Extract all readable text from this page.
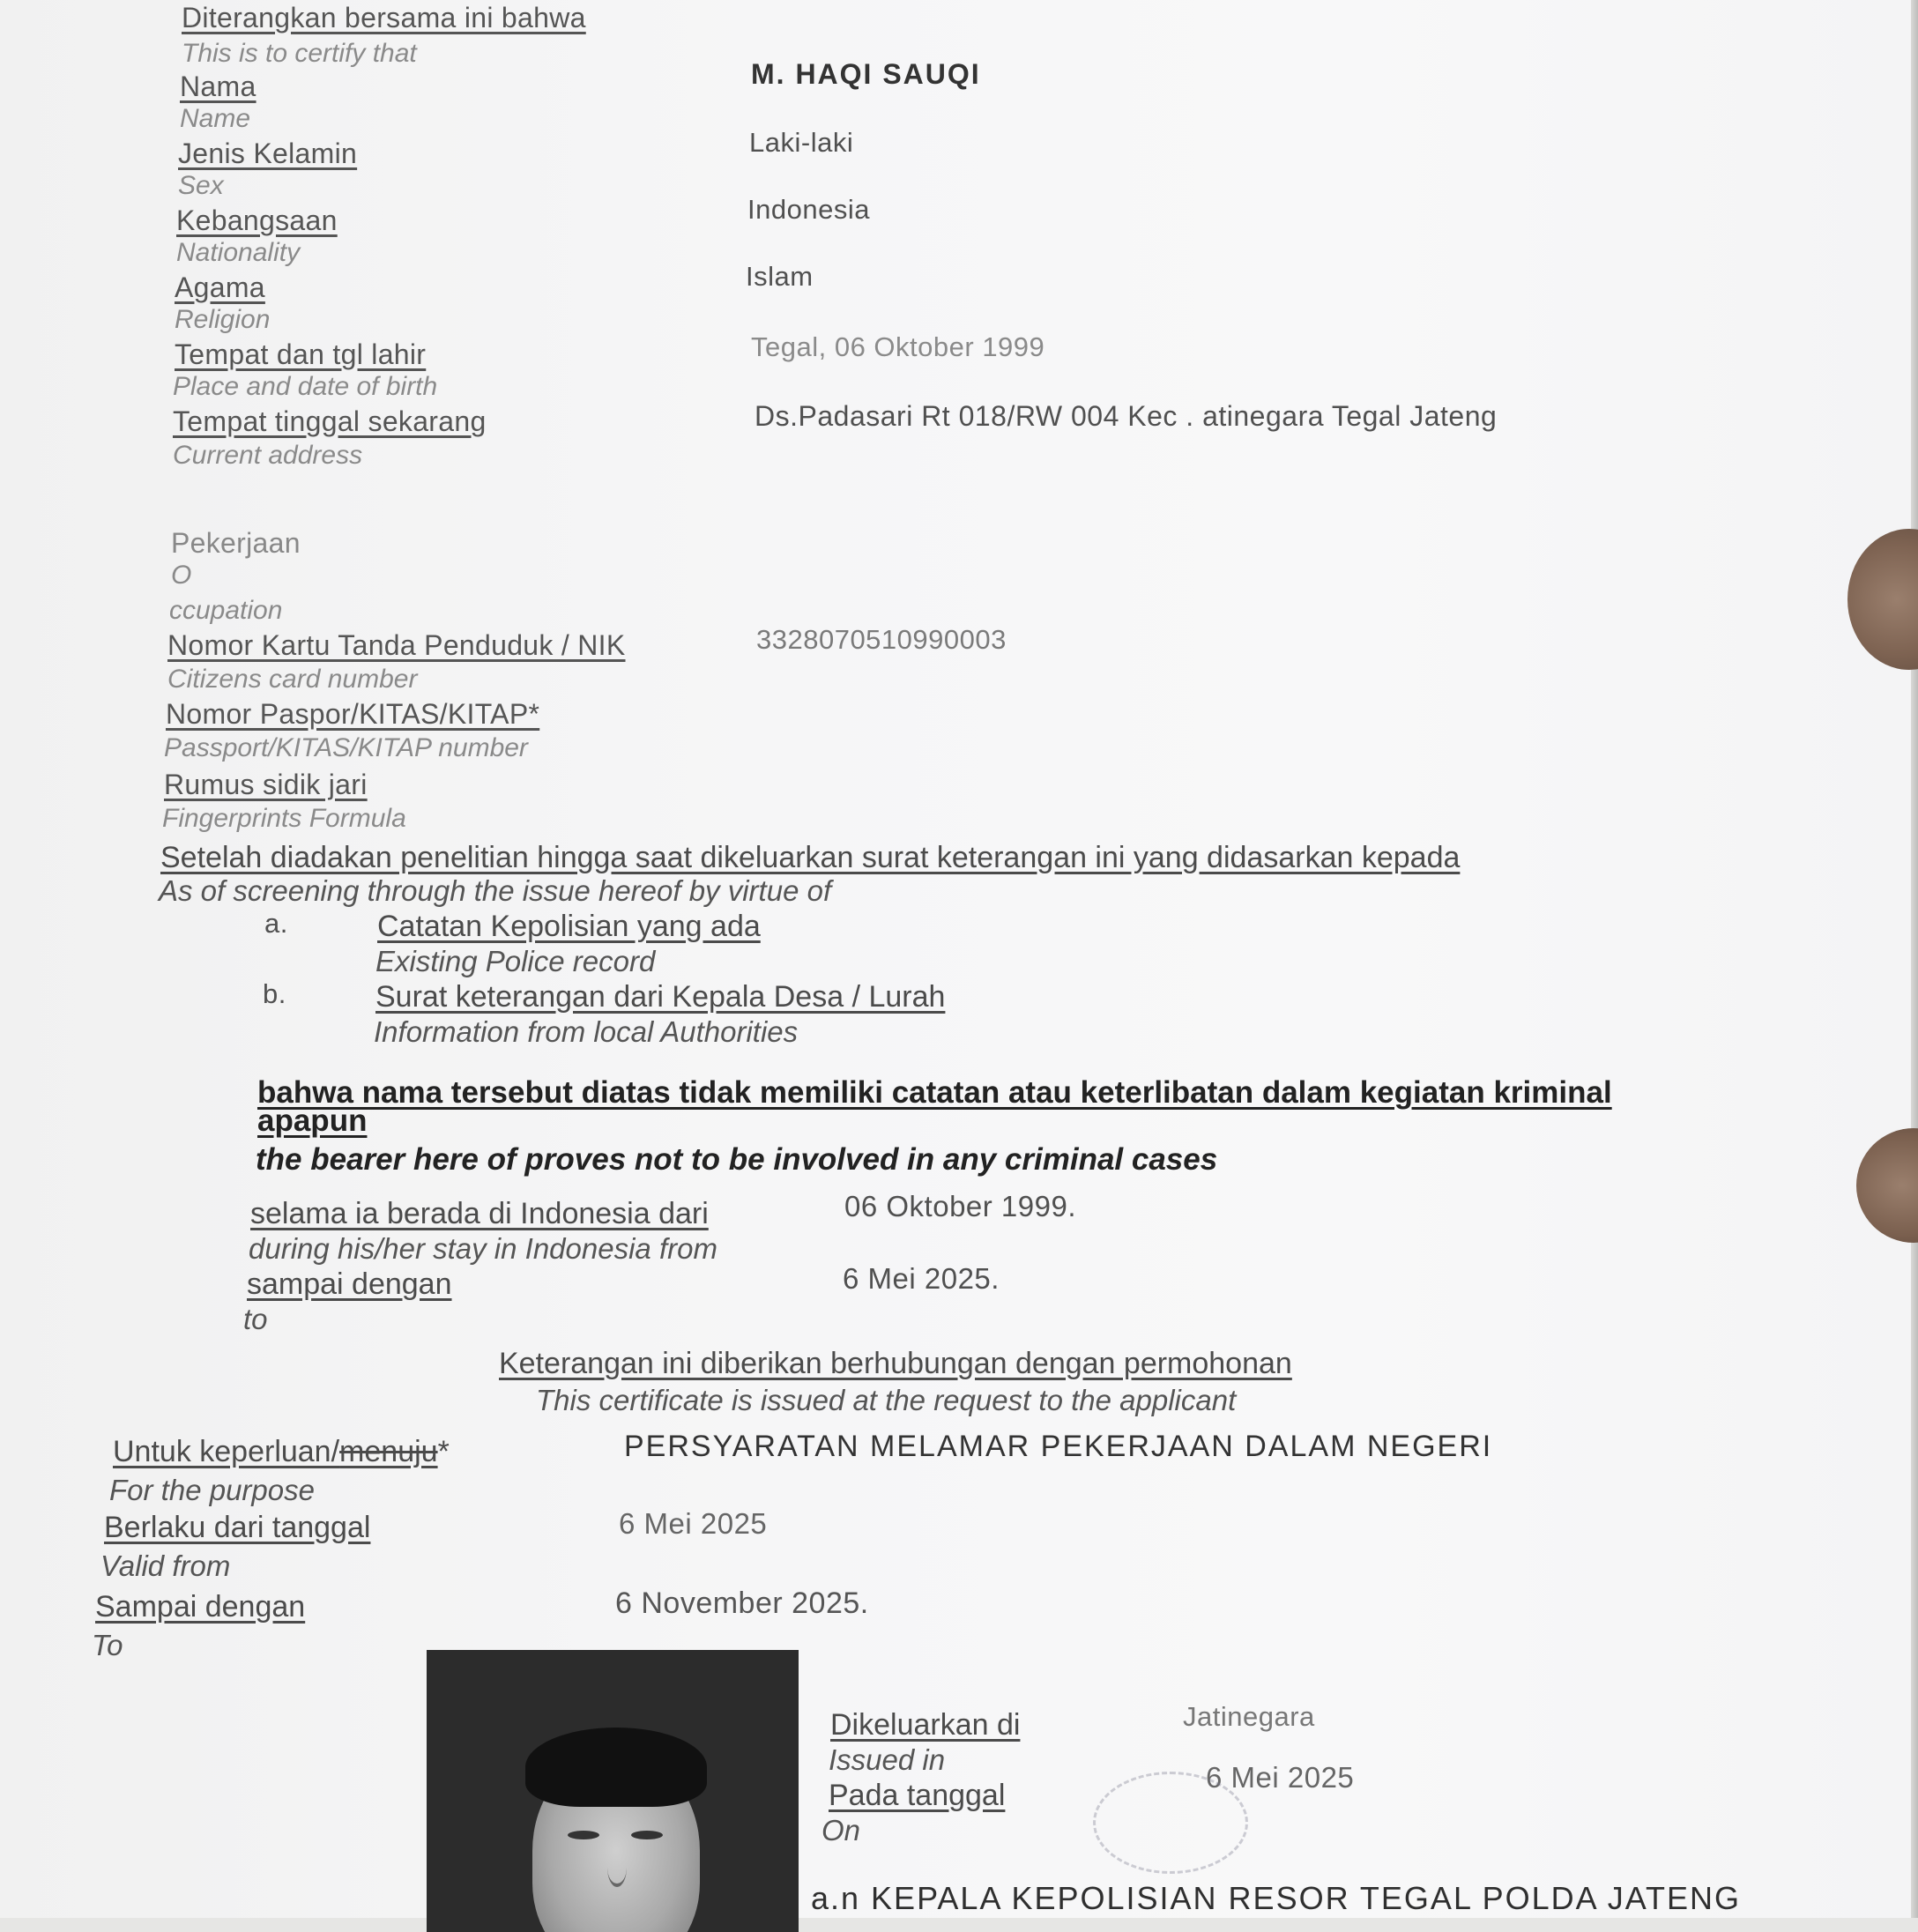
Diterangkan bersama ini bahwa
This is to certify that
Nama
Name
M. HAQI SAUQI
Jenis Kelamin
Sex
Laki-laki
Kebangsaan
Nationality
Indonesia
Agama
Religion
Islam
Tempat dan tgl lahir
Place and date of birth
Tegal, 06 Oktober 1999
Tempat tinggal sekarang
Current address
Ds.Padasari Rt 018/RW 004 Kec . atinegara Tegal Jateng
Pekerjaan
O
ccupation
Nomor Kartu Tanda Penduduk / NIK
Citizens card number
3328070510990003
Nomor Paspor/KITAS/KITAP*
Passport/KITAS/KITAP number
Rumus sidik jari
Fingerprints Formula
Setelah diadakan penelitian hingga saat dikeluarkan surat keterangan ini yang didasarkan kepada
As of screening through the issue hereof by virtue of
a.	Catatan Kepolisian yang ada
Existing Police record
b.	Surat keterangan dari Kepala Desa / Lurah
Information from local Authorities
bahwa nama tersebut diatas tidak memiliki catatan atau keterlibatan dalam kegiatan kriminal
apapun
the bearer here of proves not to be involved in any criminal cases
selama ia berada di Indonesia dari
during his/her stay in Indonesia from
06 Oktober 1999.
sampai dengan
to
6 Mei 2025.
Keterangan ini diberikan berhubungan dengan permohonan
This certificate is issued at the request to the applicant
Untuk keperluan/menuju*
For the purpose
PERSYARATAN MELAMAR PEKERJAAN DALAM NEGERI
Berlaku dari tanggal
Valid from
6 Mei 2025
Sampai dengan
To
6 November 2025.
Dikeluarkan di
Issued in
Jatinegara
Pada tanggal
On
6 Mei 2025
a.n KEPALA KEPOLISIAN RESOR TEGAL POLDA JATENG
